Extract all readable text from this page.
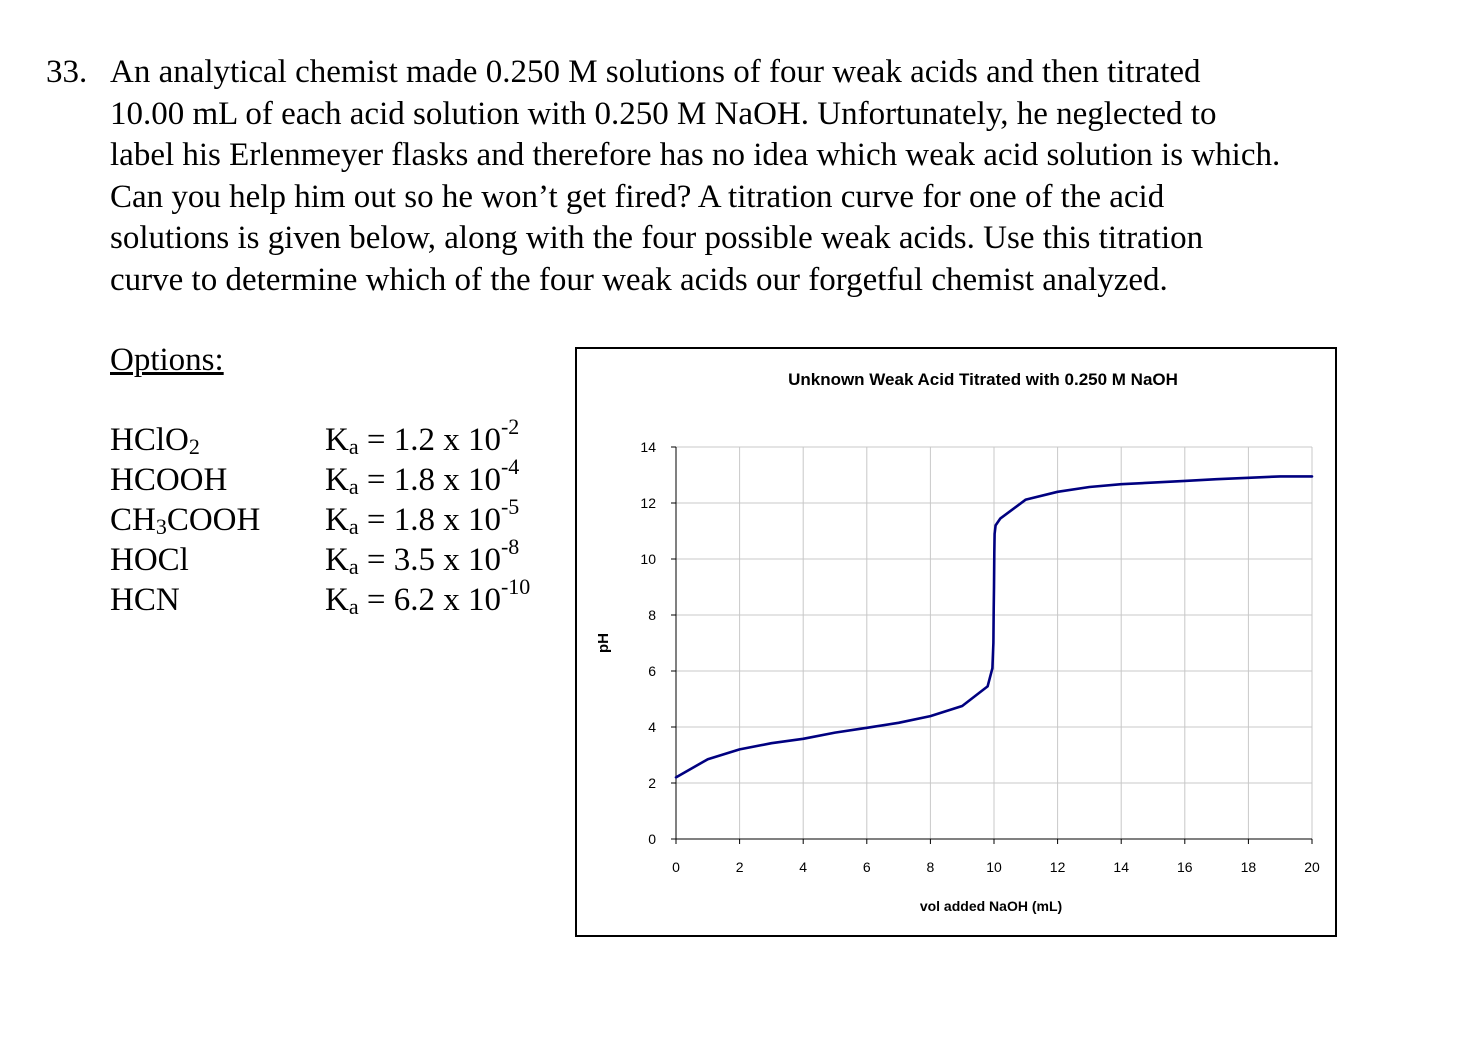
33. An analytical chemist made 0.250 M solutions of four weak acids and then titrated
10.00 mL of each acid solution with 0.250 M NaOH. Unfortunately, he neglected to
label his Erlenmeyer flasks and therefore has no idea which weak acid solution is which.
Can you help him out so he won’t get fired? A titration curve for one of the acid
solutions is given below, along with the four possible weak acids. Use this titration
curve to determine which of the four weak acids our forgetful chemist analyzed.
Options:
HClO$_2$	$K_a = 1.2$ x $10^{-2}$
HCOOH	$K_a = 1.8$ x $10^{-4}$
$CH_3COOH$ $K_a = 1.8$ x $10^{-5}$
HOCl	$K_a = 3.5$ x $10^{-8}$
HCN	$K_a = 6.2$ x $10^{-10}$
0
2
4
6
8
10
12
14
0	2	4	6	8	10	12	14	16	18	20
Unknown Weak Acid Titrated with 0.250 M NaOH
vol added NaOH (mL)
pH
